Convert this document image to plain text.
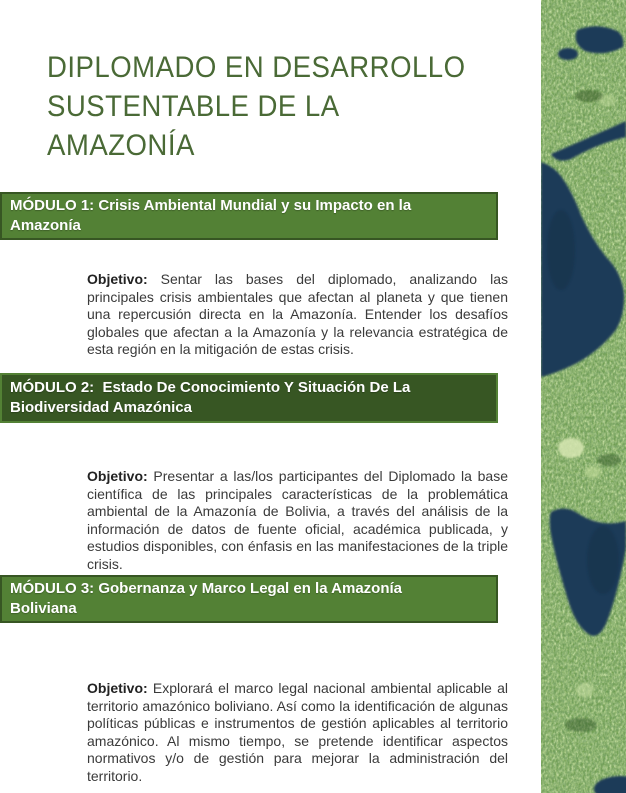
DIPLOMADO EN DESARROLLO
SUSTENTABLE DE LA
AMAZONÍA
MÓDULO 1: Crisis Ambiental Mundial y su Impacto en la
Amazonía

Objetivo: Sentar las bases del diplomado, analizando las principales crisis ambientales que afectan al planeta y que tienen una repercusión directa en la Amazonía. Entender los desafíos globales que afectan a la Amazonía y la relevancia estratégica de esta región en la mitigación de estas crisis.

MÓDULO 2:  Estado De Conocimiento Y Situación De La
Biodiversidad Amazónica

Objetivo: Presentar a las/los participantes del Diplomado la base científica de las principales características de la problemática ambiental de la Amazonía de Bolivia, a través del análisis de la información de datos de fuente oficial, académica publicada, y estudios disponibles, con énfasis en las manifestaciones de la triple crisis.

MÓDULO 3: Gobernanza y Marco Legal en la Amazonía
Boliviana

Objetivo: Explorará el marco legal nacional ambiental aplicable al territorio amazónico boliviano. Así como la identificación de algunas políticas públicas e instrumentos de gestión aplicables al territorio amazónico. Al mismo tiempo, se pretende identificar aspectos normativos y/o de gestión para mejorar la administración del territorio.
